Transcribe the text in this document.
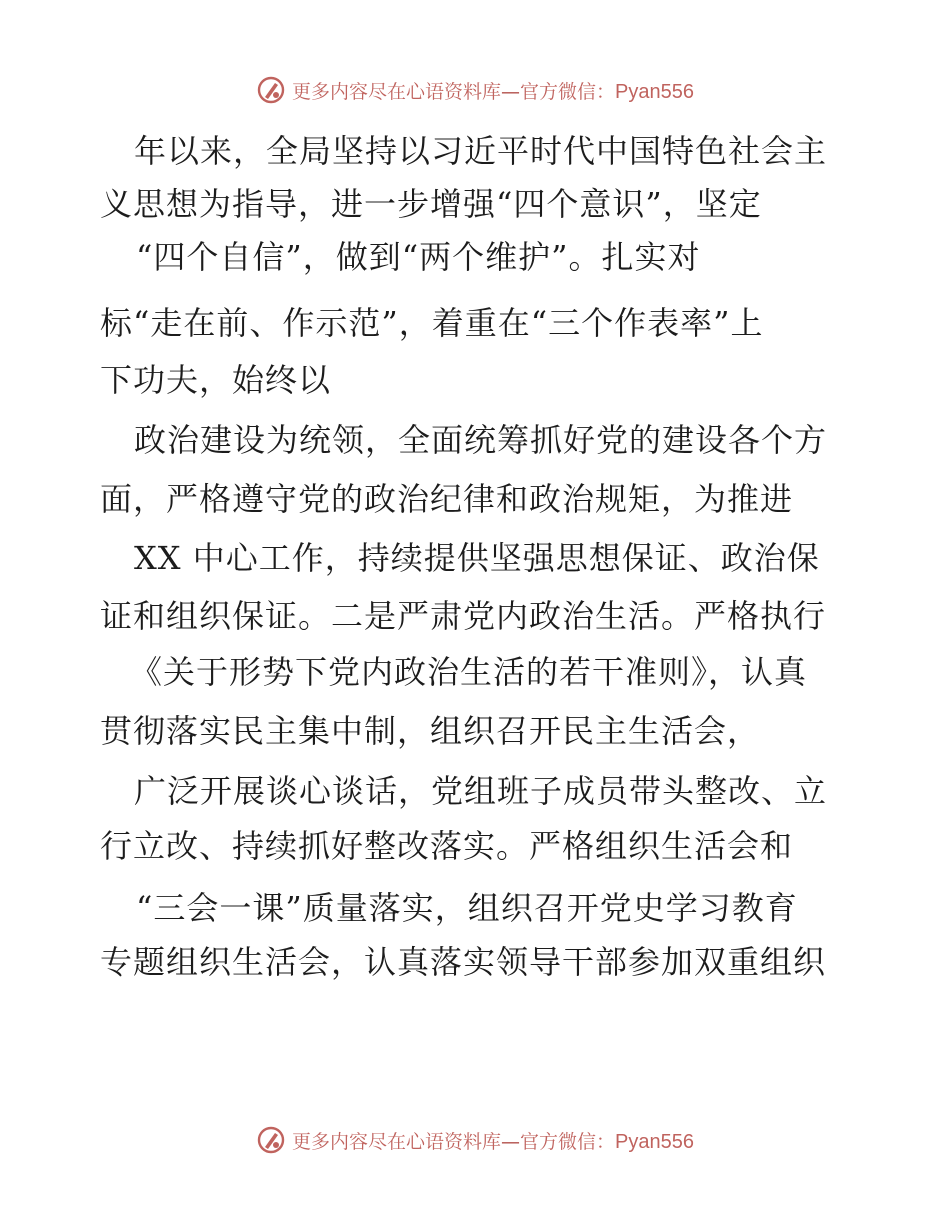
更多内容尽在心语资料库—官方微信：Pyan556
年以来，全局坚持以习近平时代中国特色社会主
义思想为指导，进一步增强“四个意识”，坚定
“四个自信”，做到“两个维护”。扎实对
标“走在前、作示范”，着重在“三个作表率”上
下功夫，始终以
政治建设为统领，全面统筹抓好党的建设各个方
面，严格遵守党的政治纪律和政治规矩，为推进
XX 中心工作，持续提供坚强思想保证、政治保
证和组织保证。二是严肃党内政治生活。严格执行
《关于形势下党内政治生活的若干准则》，认真
贯彻落实民主集中制，组织召开民主生活会，
广泛开展谈心谈话，党组班子成员带头整改、立
行立改、持续抓好整改落实。严格组织生活会和
“三会一课”质量落实，组织召开党史学习教育
专题组织生活会，认真落实领导干部参加双重组织
更多内容尽在心语资料库—官方微信：Pyan556
